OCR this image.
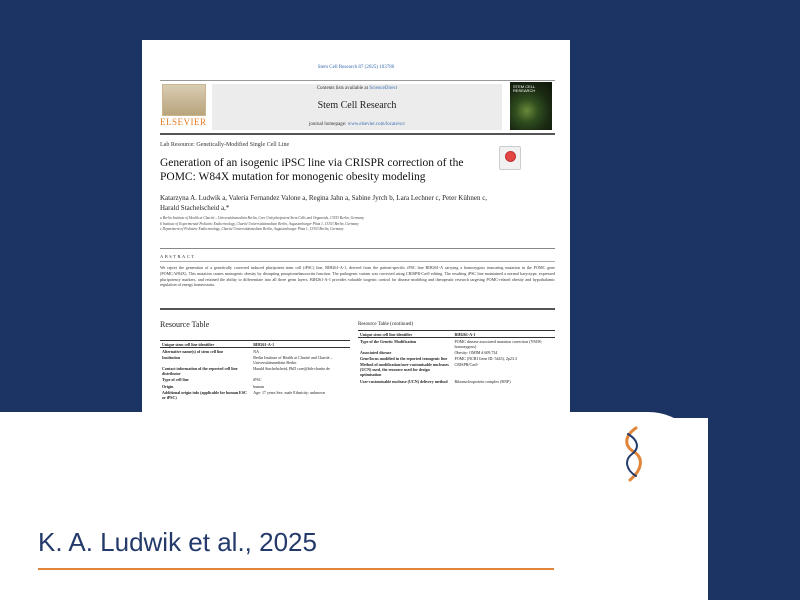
K. A. Ludwik et al., 2025
Stem Cell Research 87 (2025) 103786
ELSEVIER
Contents lists available at ScienceDirect
Stem Cell Research
journal homepage: www.elsevier.com/locate/scr
STEM CELL RESEARCH
Lab Resource: Genetically-Modified Single Cell Line
Generation of an isogenic iPSC line via CRISPR correction of the POMC: W84X mutation for monogenic obesity modeling
Katarzyna A. Ludwik a, Valeria Fernandez Valone a, Regina Jahn a, Sabine Jyrch b, Lara Lechner c, Peter Kühnen c, Harald Stachelscheid a,*
a Berlin Institute of Health at Charité – Universitätsmedizin Berlin, Core Unit pluripotent Stem Cells and Organoids, 13353 Berlin, Germany
b Institute of Experimental Pediatric Endocrinology, Charité Universitätsmedizin Berlin, Augustenburger Platz 1, 13353 Berlin, Germany
c Department of Pediatric Endocrinology, Charité Universitätsmedizin Berlin, Augustenburger Platz 1, 13353 Berlin, Germany
ABSTRACT
We report the generation of a genetically corrected induced pluripotent stem cell (iPSC) line, BIH261-A-1, derived from the patient-specific iPSC line BIH261-A carrying a homozygous truncating mutation in the POMC gene (POMC:W84X). This mutation causes monogenic obesity by disrupting proopiomelanocortin function. The pathogenic variant was corrected using CRISPR-Cas9 editing. The resulting iPSC line maintained a normal karyotype, expressed pluripotency markers, and retained the ability to differentiate into all three germ layers. BIH261-A-1 provides valuable isogenic control for disease modeling and therapeutic research targeting POMC-related obesity and hypothalamic regulation of energy homeostasis.
Resource Table
Unique stem cell line identifier	BIH261-A-1
Alternative name(s) of stem cell line	NA
Institution	Berlin Institute of Health at Charité and Charité – Universitätsmedizin Berlin
Contact information of the reported cell line distributor	Harald Stachelscheid, PhD core@bih-charite.de
Type of cell line	iPSC
Origin	human
Additional origin info (applicable for human ESC or iPSC)	Age: 17 years Sex: male Ethnicity: unknown
Resource Table (continued)
Unique stem cell line identifier	BIH261-A-1
Type of the Genetic Modification	POMC disease associated mutation correction (Y84W; homozygous)
Associated disease	Obesity: OMIM # 609,734
Gene/locus modified in the reported transgenic line	POMC (NCBI Gene ID: 5443), 2p23.3
Method of modification/user-customisable nucleases (UCN) used, the resource used for design optimisation	CRISPR/Cas9
User-customisable nuclease (UCN) delivery method	Ribonucleoprotein complex (RNP)
